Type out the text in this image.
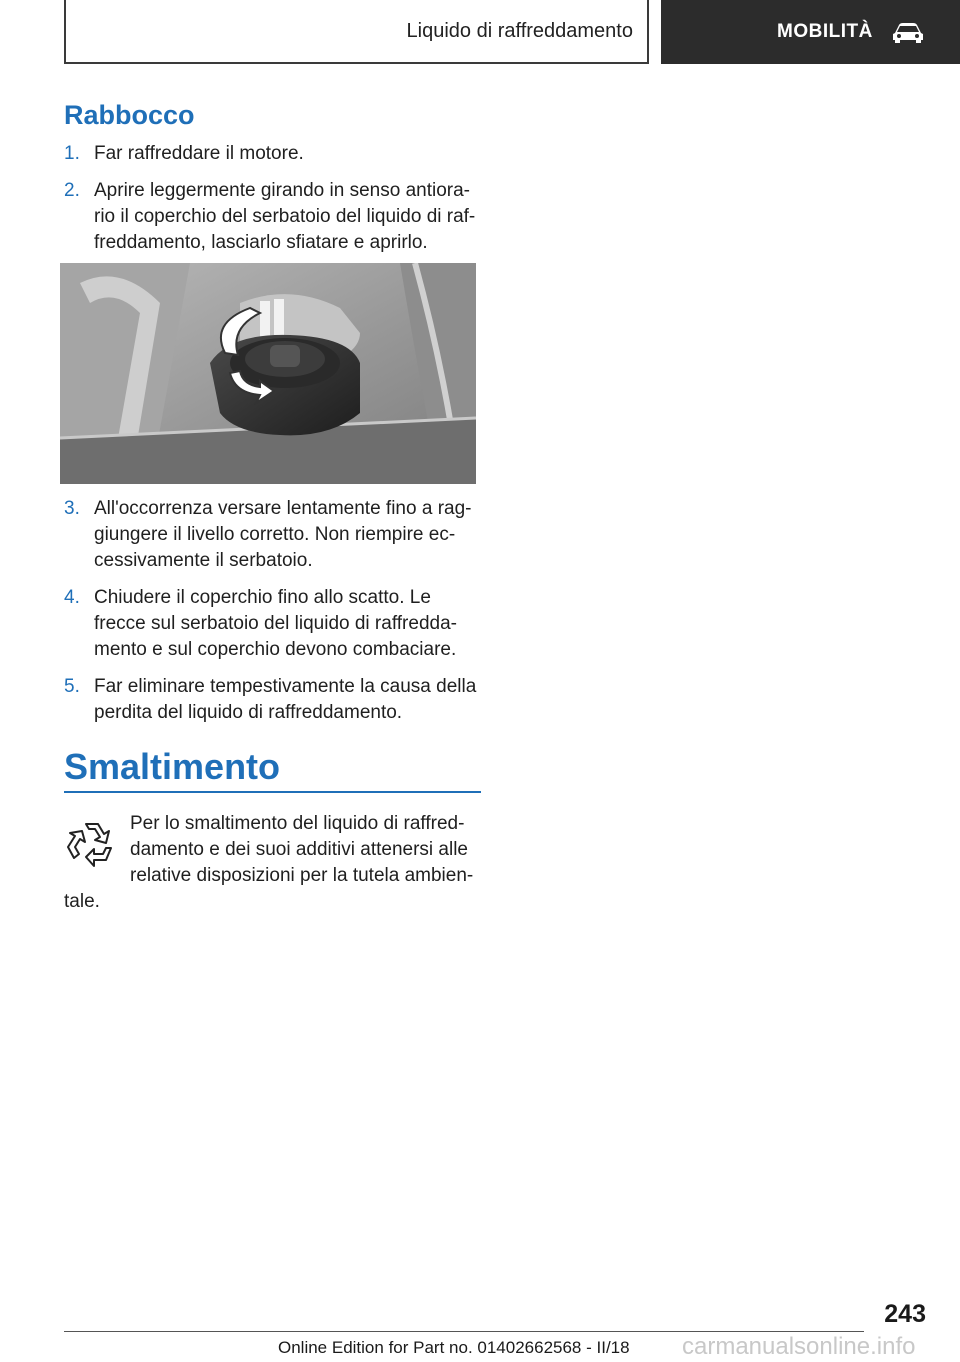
Liquido di raffreddamento	MOBILITÀ
Rabbocco
1. Far raffreddare il motore.
2. Aprire leggermente girando in senso antiora-
rio il coperchio del serbatoio del liquido di raf-
freddamento, lasciarlo sfiatare e aprirlo.
3. All'occorrenza versare lentamente fino a rag-
giungere il livello corretto. Non riempire ec-
cessivamente il serbatoio.
4. Chiudere il coperchio fino allo scatto. Le
frecce sul serbatoio del liquido di raffredda-
mento e sul coperchio devono combaciare.
5. Far eliminare tempestivamente la causa della
perdita del liquido di raffreddamento.
Smaltimento
Per lo smaltimento del liquido di raffred-
damento e dei suoi additivi attenersi alle
relative disposizioni per la tutela ambien-
tale.
243
Online Edition for Part no. 01402662568 - II/18 carmanualsonline.info
